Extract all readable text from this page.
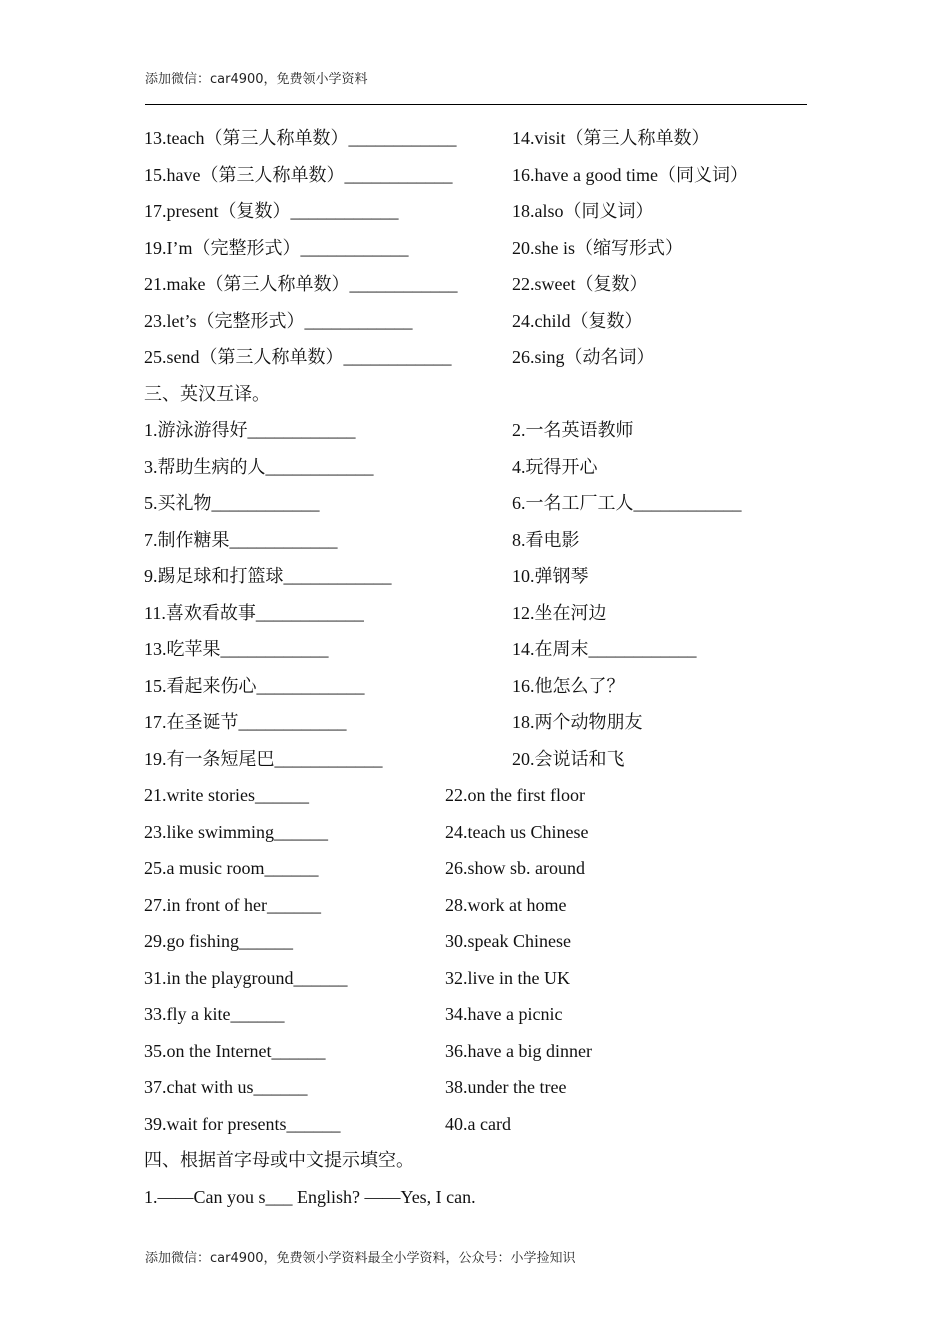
添加微信：car4900，免费领小学资料
13.teach（第三人称单数）____________	14.visit（第三人称单数）
15.have（第三人称单数）____________	16.have a good time（同义词）
17.present（复数）____________	18.also（同义词）
19.I’m（完整形式）____________	20.she is（缩写形式）
21.make（第三人称单数）____________	22.sweet（复数）
23.let’s（完整形式）____________	24.child（复数）
25.send（第三人称单数）____________	26.sing（动名词）
三、英汉互译。
1.游泳游得好____________	2.一名英语教师
3.帮助生病的人____________	4.玩得开心
5.买礼物____________	6.一名工厂工人____________
7.制作糖果____________	8.看电影
9.踢足球和打篮球____________	10.弹钢琴
11.喜欢看故事____________	12.坐在河边
13.吃苹果____________	14.在周末____________
15.看起来伤心____________	16.他怎么了？
17.在圣诞节____________	18.两个动物朋友
19.有一条短尾巴____________	20.会说话和飞
21.write stories______	22.on the first floor
23.like swimming______	24.teach us Chinese
25.a music room______	26.show sb. around
27.in front of her______	28.work at home
29.go fishing______	30.speak Chinese
31.in the playground______	32.live in the UK
33.fly a kite______	34.have a picnic
35.on the Internet______	36.have a big dinner
37.chat with us______	38.under the tree
39.wait for presents______	40.a card
四、根据首字母或中文提示填空。
1.——Can you s___ English? ——Yes, I can.
添加微信：car4900，免费领小学资料最全小学资料，公众号：小学捡知识
